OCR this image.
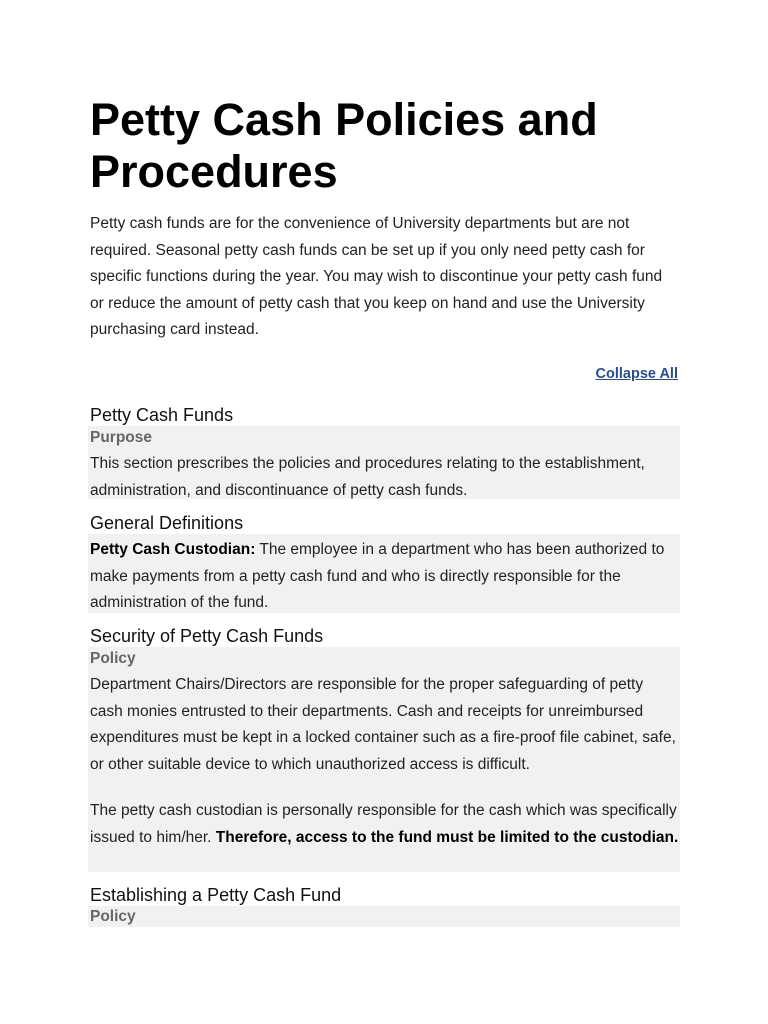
Petty Cash Policies and Procedures

Petty cash funds are for the convenience of University departments but are not required. Seasonal petty cash funds can be set up if you only need petty cash for specific functions during the year. You may wish to discontinue your petty cash fund or reduce the amount of petty cash that you keep on hand and use the University purchasing card instead.

Collapse All
Petty Cash Funds

Purpose

This section prescribes the policies and procedures relating to the establishment, administration, and discontinuance of petty cash funds.

General Definitions

Petty Cash Custodian: The employee in a department who has been authorized to make payments from a petty cash fund and who is directly responsible for the administration of the fund.

Security of Petty Cash Funds

Policy

Department Chairs/Directors are responsible for the proper safeguarding of petty cash monies entrusted to their departments. Cash and receipts for unreimbursed expenditures must be kept in a locked container such as a fire-proof file cabinet, safe, or other suitable device to which unauthorized access is difficult.

The petty cash custodian is personally responsible for the cash which was specifically issued to him/her. Therefore, access to the fund must be limited to the custodian.

Establishing a Petty Cash Fund

Policy
